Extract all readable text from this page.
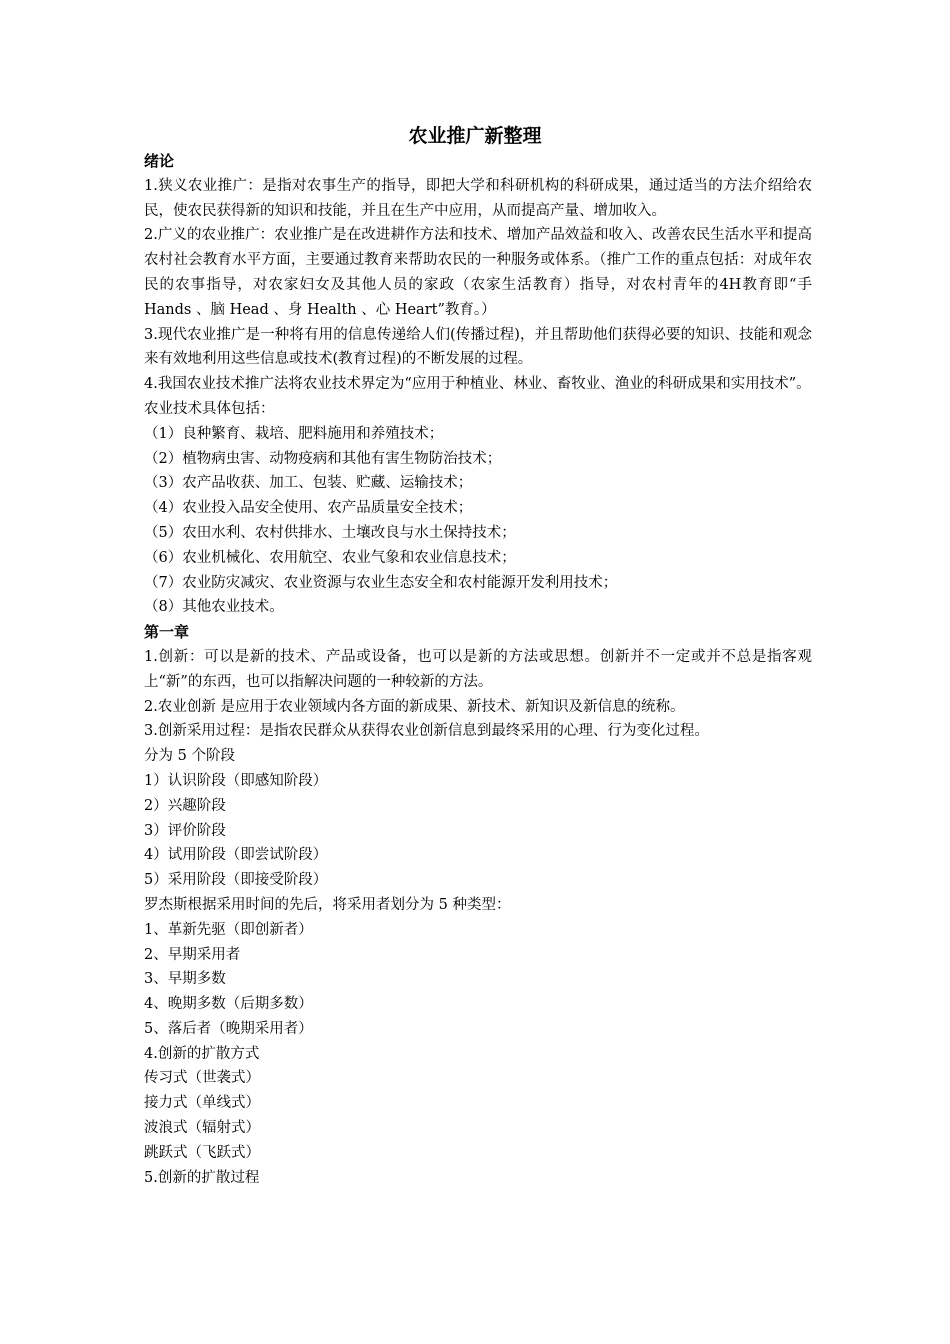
农业推广新整理

绪论

1.狭义农业推广：是指对农事生产的指导，即把大学和科研机构的科研成果，通过适当的方法介绍给农民，使农民获得新的知识和技能，并且在生产中应用，从而提高产量、增加收入。

2.广义的农业推广：农业推广是在改进耕作方法和技术、增加产品效益和收入、改善农民生活水平和提高农村社会教育水平方面，主要通过教育来帮助农民的一种服务或体系。（推广工作的重点包括：对成年农民的农事指导，对农家妇女及其他人员的家政（农家生活教育）指导，对农村青年的4H教育即“手 Hands 、脑 Head 、身 Health 、心 Heart”教育。）

3.现代农业推广是一种将有用的信息传递给人们(传播过程)，并且帮助他们获得必要的知识、技能和观念来有效地利用这些信息或技术(教育过程)的不断发展的过程。

4.我国农业技术推广法将农业技术界定为“应用于种植业、林业、畜牧业、渔业的科研成果和实用技术”。

农业技术具体包括：

（1）良种繁育、栽培、肥料施用和养殖技术；

（2）植物病虫害、动物疫病和其他有害生物防治技术；

（3）农产品收获、加工、包装、贮藏、运输技术；

（4）农业投入品安全使用、农产品质量安全技术；

（5）农田水利、农村供排水、土壤改良与水土保持技术；

（6）农业机械化、农用航空、农业气象和农业信息技术；

（7）农业防灾减灾、农业资源与农业生态安全和农村能源开发利用技术；

（8）其他农业技术。

第一章

1.创新：可以是新的技术、产品或设备，也可以是新的方法或思想。创新并不一定或并不总是指客观上“新”的东西，也可以指解决问题的一种较新的方法。

2.农业创新 是应用于农业领域内各方面的新成果、新技术、新知识及新信息的统称。

3.创新采用过程：是指农民群众从获得农业创新信息到最终采用的心理、行为变化过程。

分为 5 个阶段

1）认识阶段（即感知阶段）

2）兴趣阶段

3）评价阶段

4）试用阶段（即尝试阶段）

5）采用阶段（即接受阶段）

罗杰斯根据采用时间的先后，将采用者划分为 5 种类型：

1、革新先驱（即创新者）

2、早期采用者

3、早期多数

4、晚期多数（后期多数）

5、落后者（晚期采用者）

4.创新的扩散方式

传习式（世袭式）

接力式（单线式）

波浪式（辐射式）

跳跃式（飞跃式）

5.创新的扩散过程
